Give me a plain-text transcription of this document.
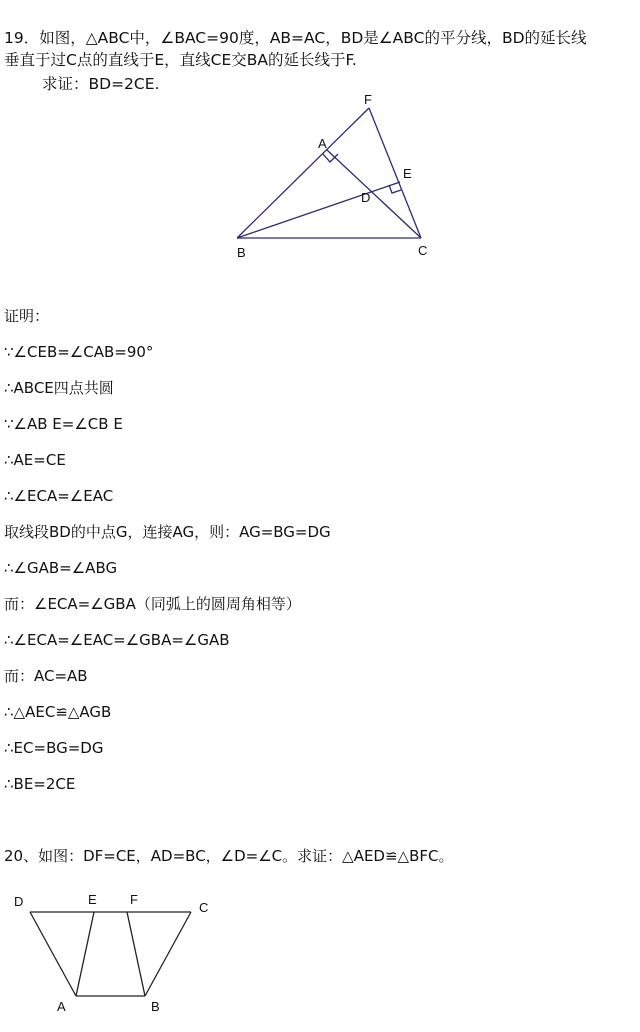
19．如图，△ABC中，∠BAC=90度，AB=AC，BD是∠ABC的平分线，BD的延长线
垂直于过C点的直线于E，直线CE交BA的延长线于F.
求证：BD=2CE.
F
A
E
D
B	C
D	E	F
C
A	B
证明：
∵∠CEB=∠CAB=90°
∴ABCE四点共圆
∵∠AB E=∠CB E
∴AE=CE
∴∠ECA=∠EAC
取线段BD的中点G，连接AG，则：AG=BG=DG
∴∠GAB=∠ABG
而：∠ECA=∠GBA（同弧上的圆周角相等）
∴∠ECA=∠EAC=∠GBA=∠GAB
而：AC=AB
∴△AEC≌△AGB
∴EC=BG=DG
∴BE=2CE
20、如图：DF=CE，AD=BC，∠D=∠C。求证：△AED≌△BFC。
